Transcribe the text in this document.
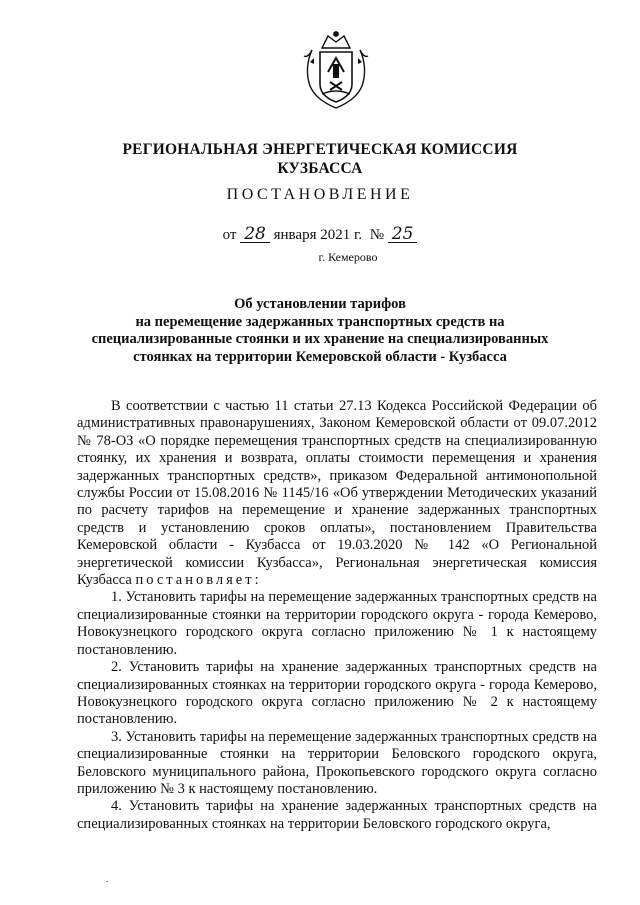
РЕГИОНАЛЬНАЯ ЭНЕРГЕТИЧЕСКАЯ КОМИССИЯ
КУЗБАССА
ПОСТАНОВЛЕНИЕ
от 28 января 2021 г. № 25
г. Кемерово
Об установлении тарифов
на перемещение задержанных транспортных средств на
специализированные стоянки и их хранение на специализированных
стоянках на территории Кемеровской области - Кузбасса

В соответствии с частью 11 статьи 27.13 Кодекса Российской Федерации об административных правонарушениях, Законом Кемеровской области от 09.07.2012 № 78-ОЗ «О порядке перемещения транспортных средств на специализированную стоянку, их хранения и возврата, оплаты стоимости перемещения и хранения задержанных транспортных средств», приказом Федеральной антимонопольной службы России от 15.08.2016 № 1145/16 «Об утверждении Методических указаний по расчету тарифов на перемещение и хранение задержанных транспортных средств и установлению сроков оплаты», постановлением Правительства Кемеровской области - Кузбасса от 19.03.2020 № 142 «О Региональной энергетической комиссии Кузбасса», Региональная энергетическая комиссия Кузбасса постановляет:

1. Установить тарифы на перемещение задержанных транспортных средств на специализированные стоянки на территории городского округа - города Кемерово, Новокузнецкого городского округа согласно приложению № 1 к настоящему постановлению.

2. Установить тарифы на хранение задержанных транспортных средств на специализированных стоянках на территории городского округа - города Кемерово, Новокузнецкого городского округа согласно приложению № 2 к настоящему постановлению.

3. Установить тарифы на перемещение задержанных транспортных средств на специализированные стоянки на территории Беловского городского округа, Беловского муниципального района, Прокопьевского городского округа согласно приложению № 3 к настоящему постановлению.

4. Установить тарифы на хранение задержанных транспортных средств на специализированных стоянках на территории Беловского городского округа,

.
